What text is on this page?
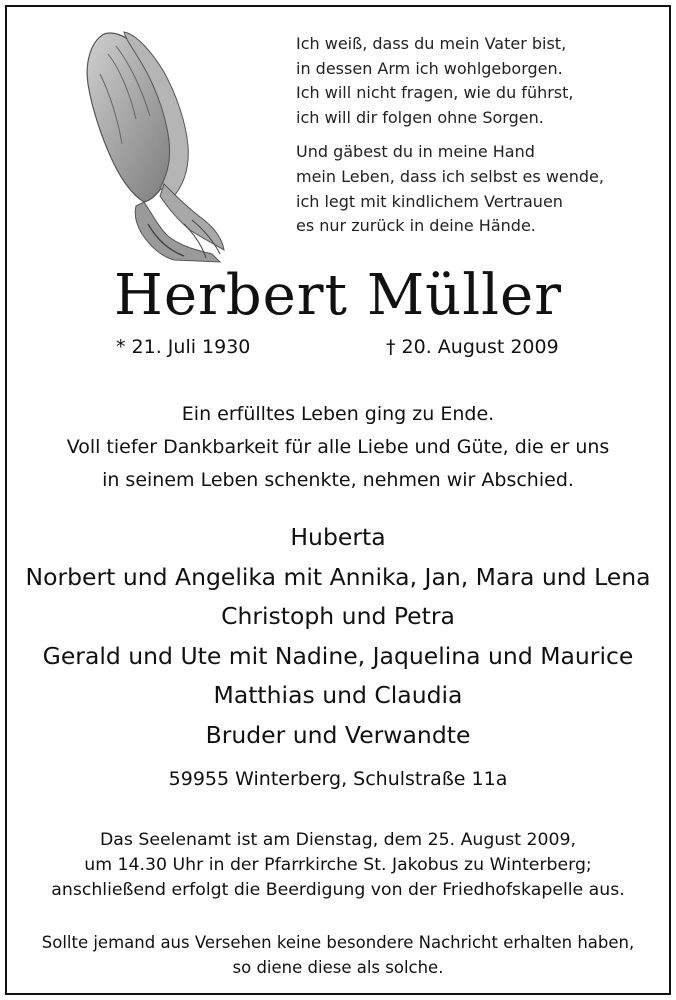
Ich weiß, dass du mein Vater bist,
in dessen Arm ich wohlgeborgen.
Ich will nicht fragen, wie du führst,
ich will dir folgen ohne Sorgen.

Und gäbest du in meine Hand
mein Leben, dass ich selbst es wende,
ich legt mit kindlichem Vertrauen
es nur zurück in deine Hände.

Herbert Müller
* 21. Juli 1930	† 20. August 2009
Ein erfülltes Leben ging zu Ende.
Voll tiefer Dankbarkeit für alle Liebe und Güte, die er uns
in seinem Leben schenkte, nehmen wir Abschied.
Huberta
Norbert und Angelika mit Annika, Jan, Mara und Lena
Christoph und Petra
Gerald und Ute mit Nadine, Jaquelina und Maurice
Matthias und Claudia
Bruder und Verwandte
59955 Winterberg, Schulstraße 11a
Das Seelenamt ist am Dienstag, dem 25. August 2009,
um 14.30 Uhr in der Pfarrkirche St. Jakobus zu Winterberg;
anschließend erfolgt die Beerdigung von der Friedhofskapelle aus.
Sollte jemand aus Versehen keine besondere Nachricht erhalten haben,
so diene diese als solche.
